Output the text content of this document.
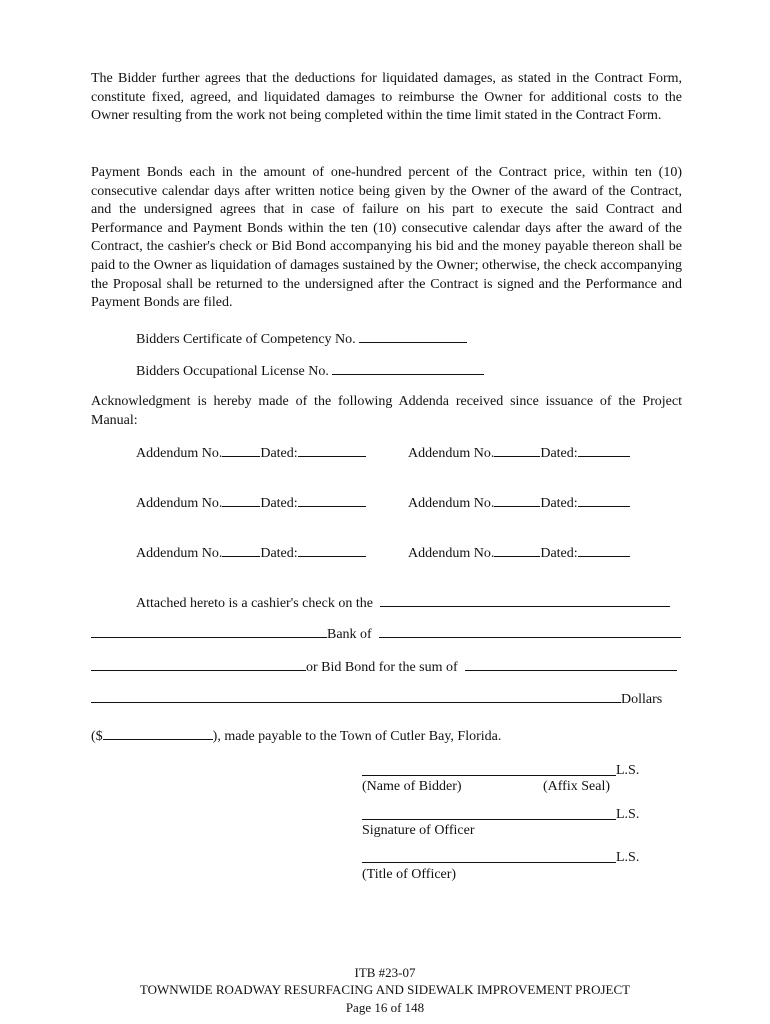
The Bidder further agrees that the deductions for liquidated damages, as stated in the Contract Form, constitute fixed, agreed, and liquidated damages to reimburse the Owner for additional costs to the Owner resulting from the work not being completed within the time limit stated in the Contract Form.

Payment Bonds each in the amount of one-hundred percent of the Contract price, within ten (10) consecutive calendar days after written notice being given by the Owner of the award of the Contract, and the undersigned agrees that in case of failure on his part to execute the said Contract and Performance and Payment Bonds within the ten (10) consecutive calendar days after the award of the Contract, the cashier's check or Bid Bond accompanying his bid and the money payable thereon shall be paid to the Owner as liquidation of damages sustained by the Owner; otherwise, the check accompanying the Proposal shall be returned to the undersigned after the Contract is signed and the Performance and Payment Bonds are filed.

Bidders Certificate of Competency No.
Bidders Occupational License No.

Acknowledgment is hereby made of the following Addenda received since issuance of the Project Manual:

Addendum No.	Dated:	Addendum No.	Dated:
Addendum No.	Dated:	Addendum No.	Dated:
Addendum No.	Dated:	Addendum No.	Dated:
Attached hereto is a cashier's check on the
Bank of
or Bid Bond for the sum of
Dollars
($	), made payable to the Town of Cutler Bay, Florida.
L.S.
(Name of Bidder)	(Affix Seal)
L.S.
Signature of Officer
L.S.
(Title of Officer)
ITB #23-07
TOWNWIDE ROADWAY RESURFACING AND SIDEWALK IMPROVEMENT PROJECT
Page 16 of 148
